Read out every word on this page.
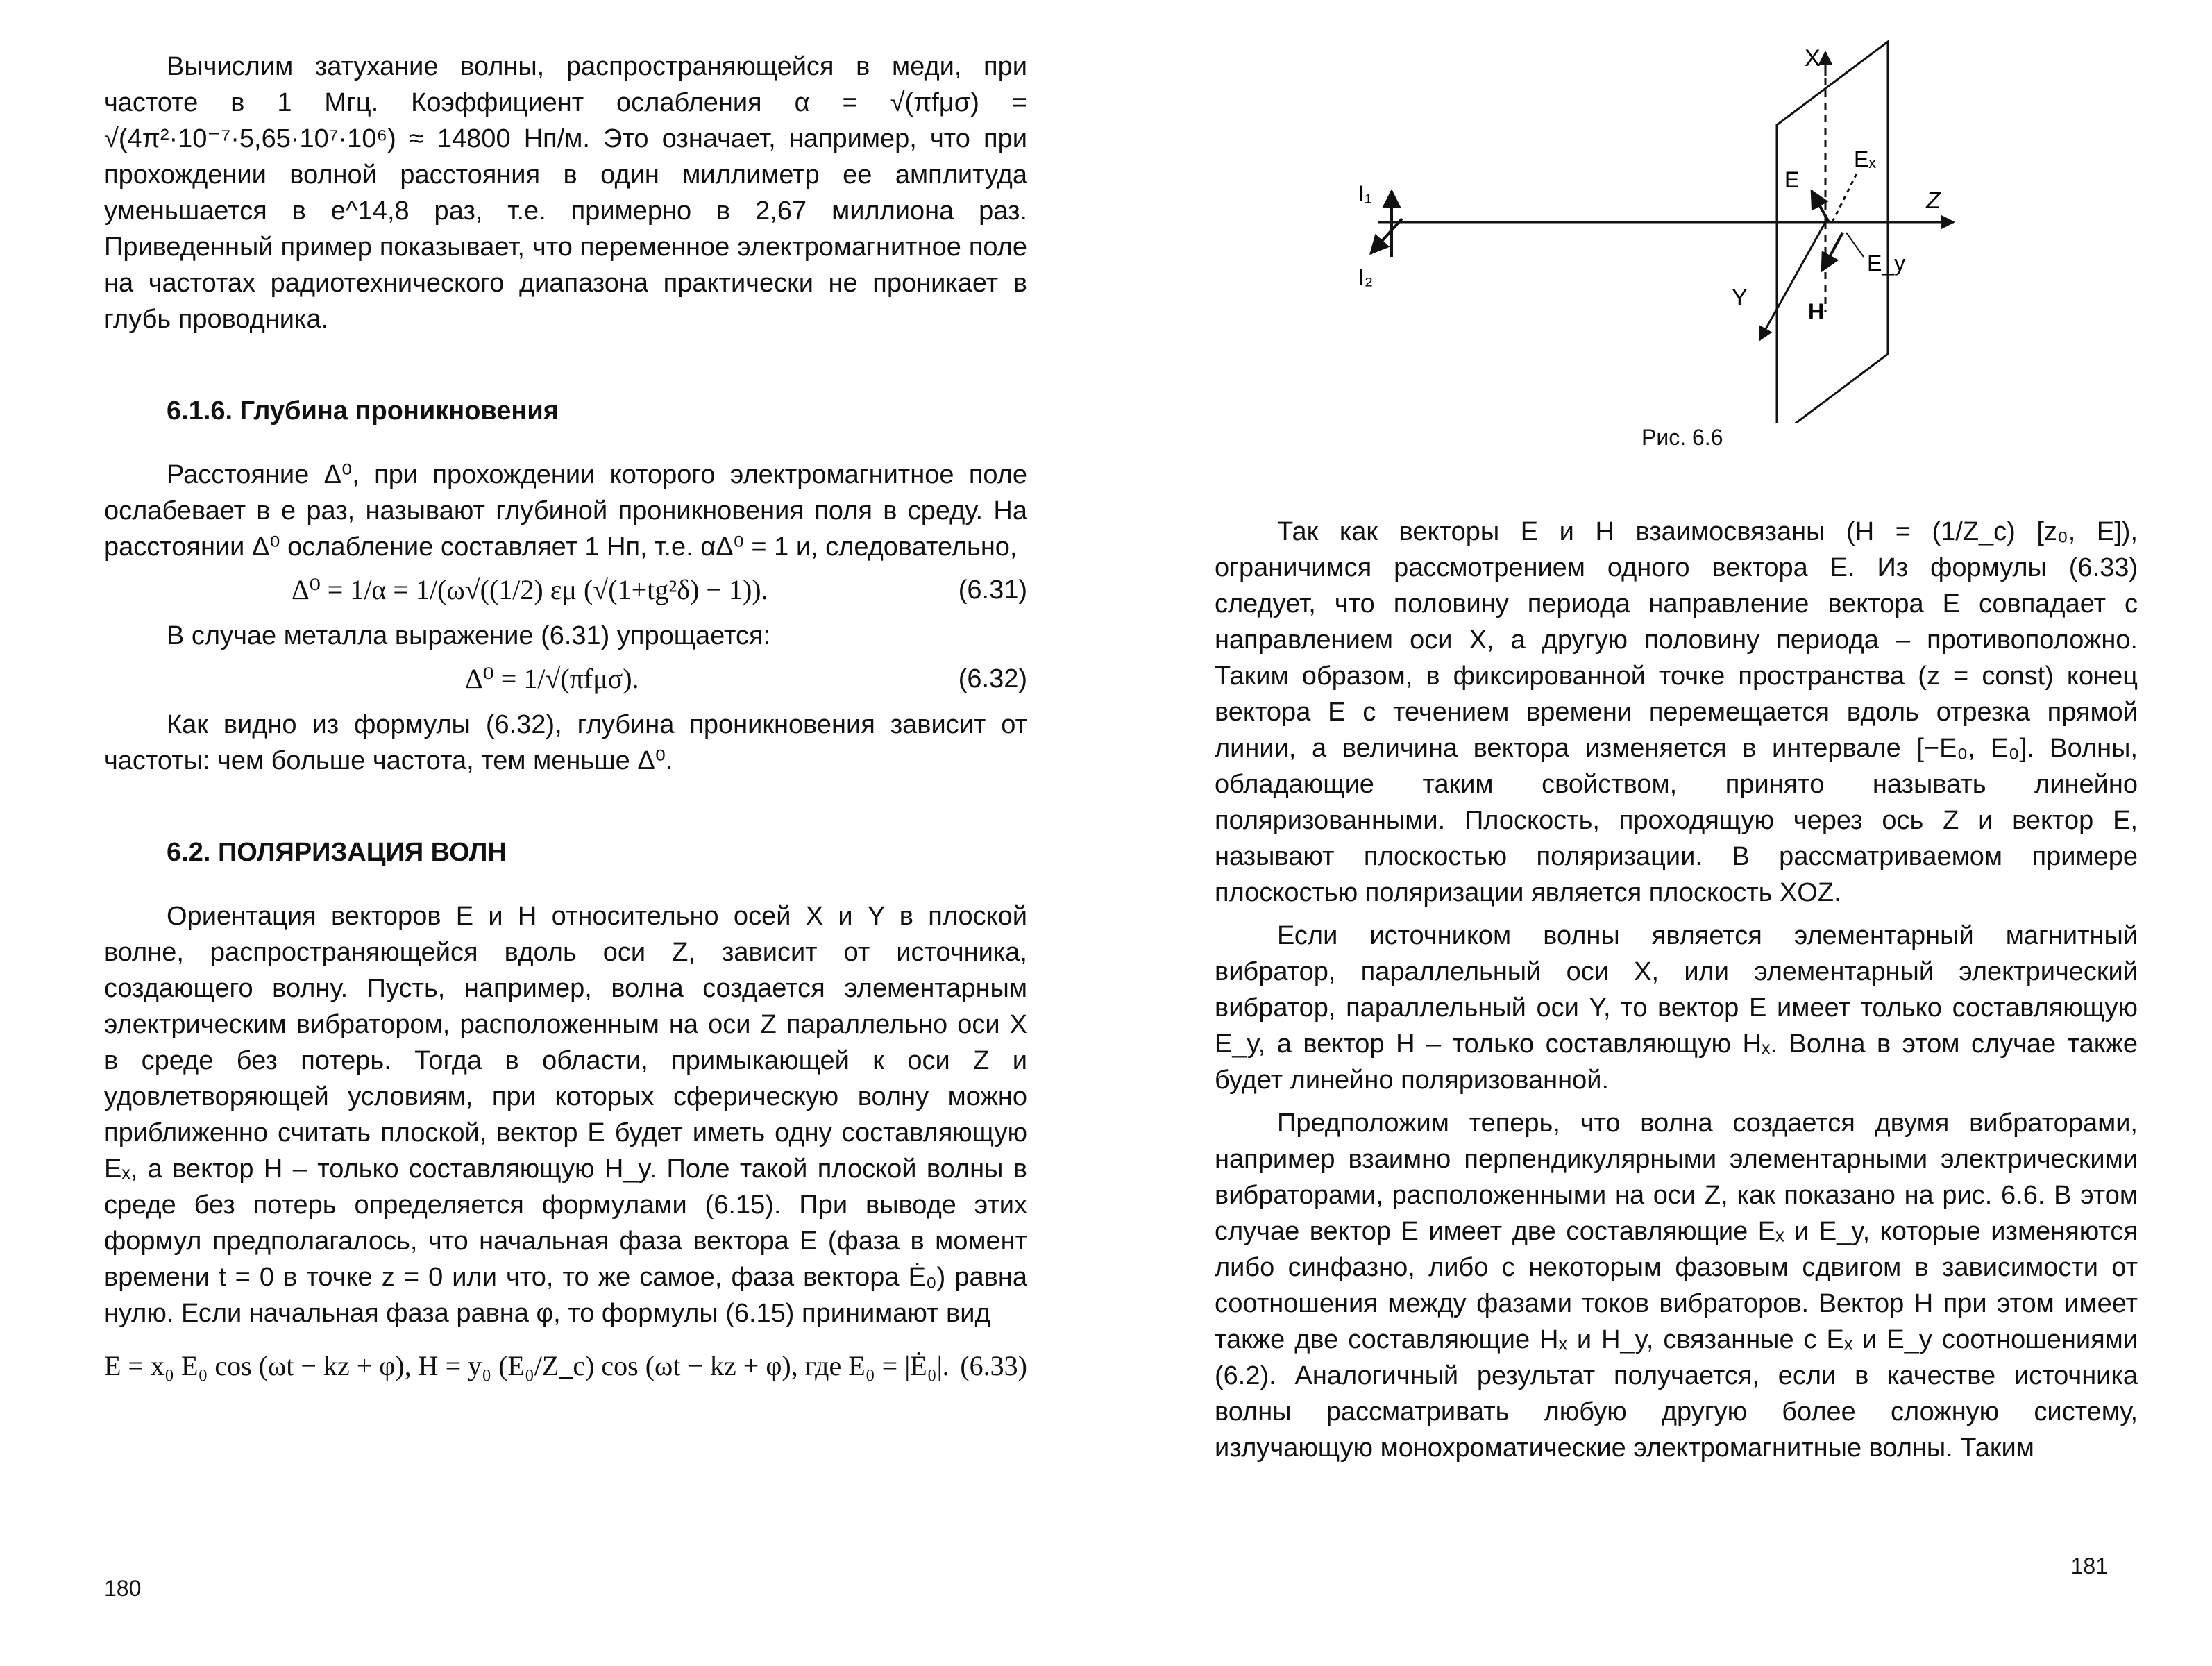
Вычислим затухание волны, распространяющейся в меди, при частоте в 1 Мгц. Коэффициент ослабления α = √(πfμσ) = √(4π²·10⁻⁷·5,65·10⁷·10⁶) ≈ 14800 Нп/м. Это означает, например, что при прохождении волной расстояния в один миллиметр ее амплитуда уменьшается в e^14,8 раз, т.е. примерно в 2,67 миллиона раз. Приведенный пример показывает, что переменное электромагнитное поле на частотах радиотехнического диапазона практически не проникает в глубь проводника.

6.1.6. Глубина проникновения

Расстояние Δ⁰, при прохождении которого электромагнитное поле ослабевает в e раз, называют глубиной проникновения поля в среду. На расстоянии Δ⁰ ослабление составляет 1 Нп, т.е. αΔ⁰ = 1 и, следовательно,

Δ⁰ = 1/α = 1/(ω√((1/2) εμ (√(1+tg²δ) − 1)).	(6.31)

В случае металла выражение (6.31) упрощается:

Δ⁰ = 1/√(πfμσ).	(6.32)

Как видно из формулы (6.32), глубина проникновения зависит от частоты: чем больше частота, тем меньше Δ⁰.

6.2. ПОЛЯРИЗАЦИЯ ВОЛН

Ориентация векторов E и H относительно осей X и Y в плоской волне, распространяющейся вдоль оси Z, зависит от источника, создающего волну. Пусть, например, волна создается элементарным электрическим вибратором, расположенным на оси Z параллельно оси X в среде без потерь. Тогда в области, примыкающей к оси Z и удовлетворяющей условиям, при которых сферическую волну можно приближенно считать плоской, вектор E будет иметь одну составляющую Eₓ, а вектор H – только составляющую H_y. Поле такой плоской волны в среде без потерь определяется формулами (6.15). При выводе этих формул предполагалось, что начальная фаза вектора E (фаза в момент времени t = 0 в точке z = 0 или что, то же самое, фаза вектора Ė₀) равна нулю. Если начальная фаза равна φ, то формулы (6.15) принимают вид

E = x₀ E₀ cos (ωt − kz + φ), H = y₀ (E₀/Z_c) cos (ωt − kz + φ), где E₀ = |Ė₀|. (6.33)
180
X
Z
Y
I₁
I₂
E
Eₓ
E_y
H
Рис. 6.6

Так как векторы E и H взаимосвязаны (H = (1/Z_c) [z₀, E]), ограничимся рассмотрением одного вектора E. Из формулы (6.33) следует, что половину периода направление вектора E совпадает с направлением оси X, а другую половину периода – противоположно. Таким образом, в фиксированной точке пространства (z = const) конец вектора E с течением времени перемещается вдоль отрезка прямой линии, а величина вектора изменяется в интервале [−E₀, E₀]. Волны, обладающие таким свойством, принято называть линейно поляризованными. Плоскость, проходящую через ось Z и вектор E, называют плоскостью поляризации. В рассматриваемом примере плоскостью поляризации является плоскость XOZ.

Если источником волны является элементарный магнитный вибратор, параллельный оси X, или элементарный электрический вибратор, параллельный оси Y, то вектор E имеет только составляющую E_y, а вектор H – только составляющую Hₓ. Волна в этом случае также будет линейно поляризованной.

Предположим теперь, что волна создается двумя вибраторами, например взаимно перпендикулярными элементарными электрическими вибраторами, расположенными на оси Z, как показано на рис. 6.6. В этом случае вектор E имеет две составляющие Eₓ и E_y, которые изменяются либо синфазно, либо с некоторым фазовым сдвигом в зависимости от соотношения между фазами токов вибраторов. Вектор H при этом имеет также две составляющие Hₓ и H_y, связанные с Eₓ и E_y соотношениями (6.2). Аналогичный результат получается, если в качестве источника волны рассматривать любую другую более сложную систему, излучающую монохроматические электромагнитные волны. Таким

181
